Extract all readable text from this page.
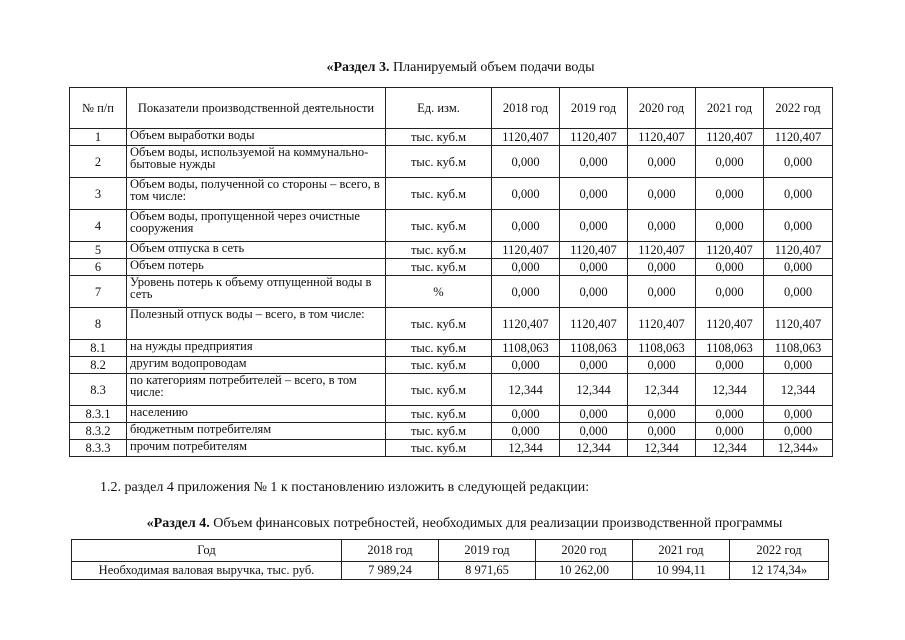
«Раздел 3. Планируемый объем подачи воды
№ п/п	Показатели производственной деятельности	Ед. изм.	2018 год	2019 год	2020 год	2021 год	2022 год
1	Объем выработки воды	тыс. куб.м	1120,407	1120,407	1120,407	1120,407	1120,407
2	Объем воды, используемой на коммунально-бытовые нужды	тыс. куб.м	0,000	0,000	0,000	0,000	0,000
3	Объем воды, полученной со стороны – всего, в том числе:	тыс. куб.м	0,000	0,000	0,000	0,000	0,000
4	Объем воды, пропущенной через очистные сооружения	тыс. куб.м	0,000	0,000	0,000	0,000	0,000
5	Объем отпуска в сеть	тыс. куб.м	1120,407	1120,407	1120,407	1120,407	1120,407
6	Объем потерь	тыс. куб.м	0,000	0,000	0,000	0,000	0,000
7	Уровень потерь к объему отпущенной воды в сеть	%	0,000	0,000	0,000	0,000	0,000
8	Полезный отпуск воды – всего, в том числе:	тыс. куб.м	1120,407	1120,407	1120,407	1120,407	1120,407
8.1	на нужды предприятия	тыс. куб.м	1108,063	1108,063	1108,063	1108,063	1108,063
8.2	другим водопроводам	тыс. куб.м	0,000	0,000	0,000	0,000	0,000
8.3	по категориям потребителей – всего, в том числе:	тыс. куб.м	12,344	12,344	12,344	12,344	12,344
8.3.1	населению	тыс. куб.м	0,000	0,000	0,000	0,000	0,000
8.3.2	бюджетным потребителям	тыс. куб.м	0,000	0,000	0,000	0,000	0,000
8.3.3	прочим потребителям	тыс. куб.м	12,344	12,344	12,344	12,344	12,344»
1.2. раздел 4 приложения № 1 к постановлению изложить в следующей редакции:
«Раздел 4. Объем финансовых потребностей, необходимых для реализации производственной программы
Год	2018 год	2019 год	2020 год	2021 год	2022 год
Необходимая валовая выручка, тыс. руб.	7 989,24	8 971,65	10 262,00	10 994,11	12 174,34»
